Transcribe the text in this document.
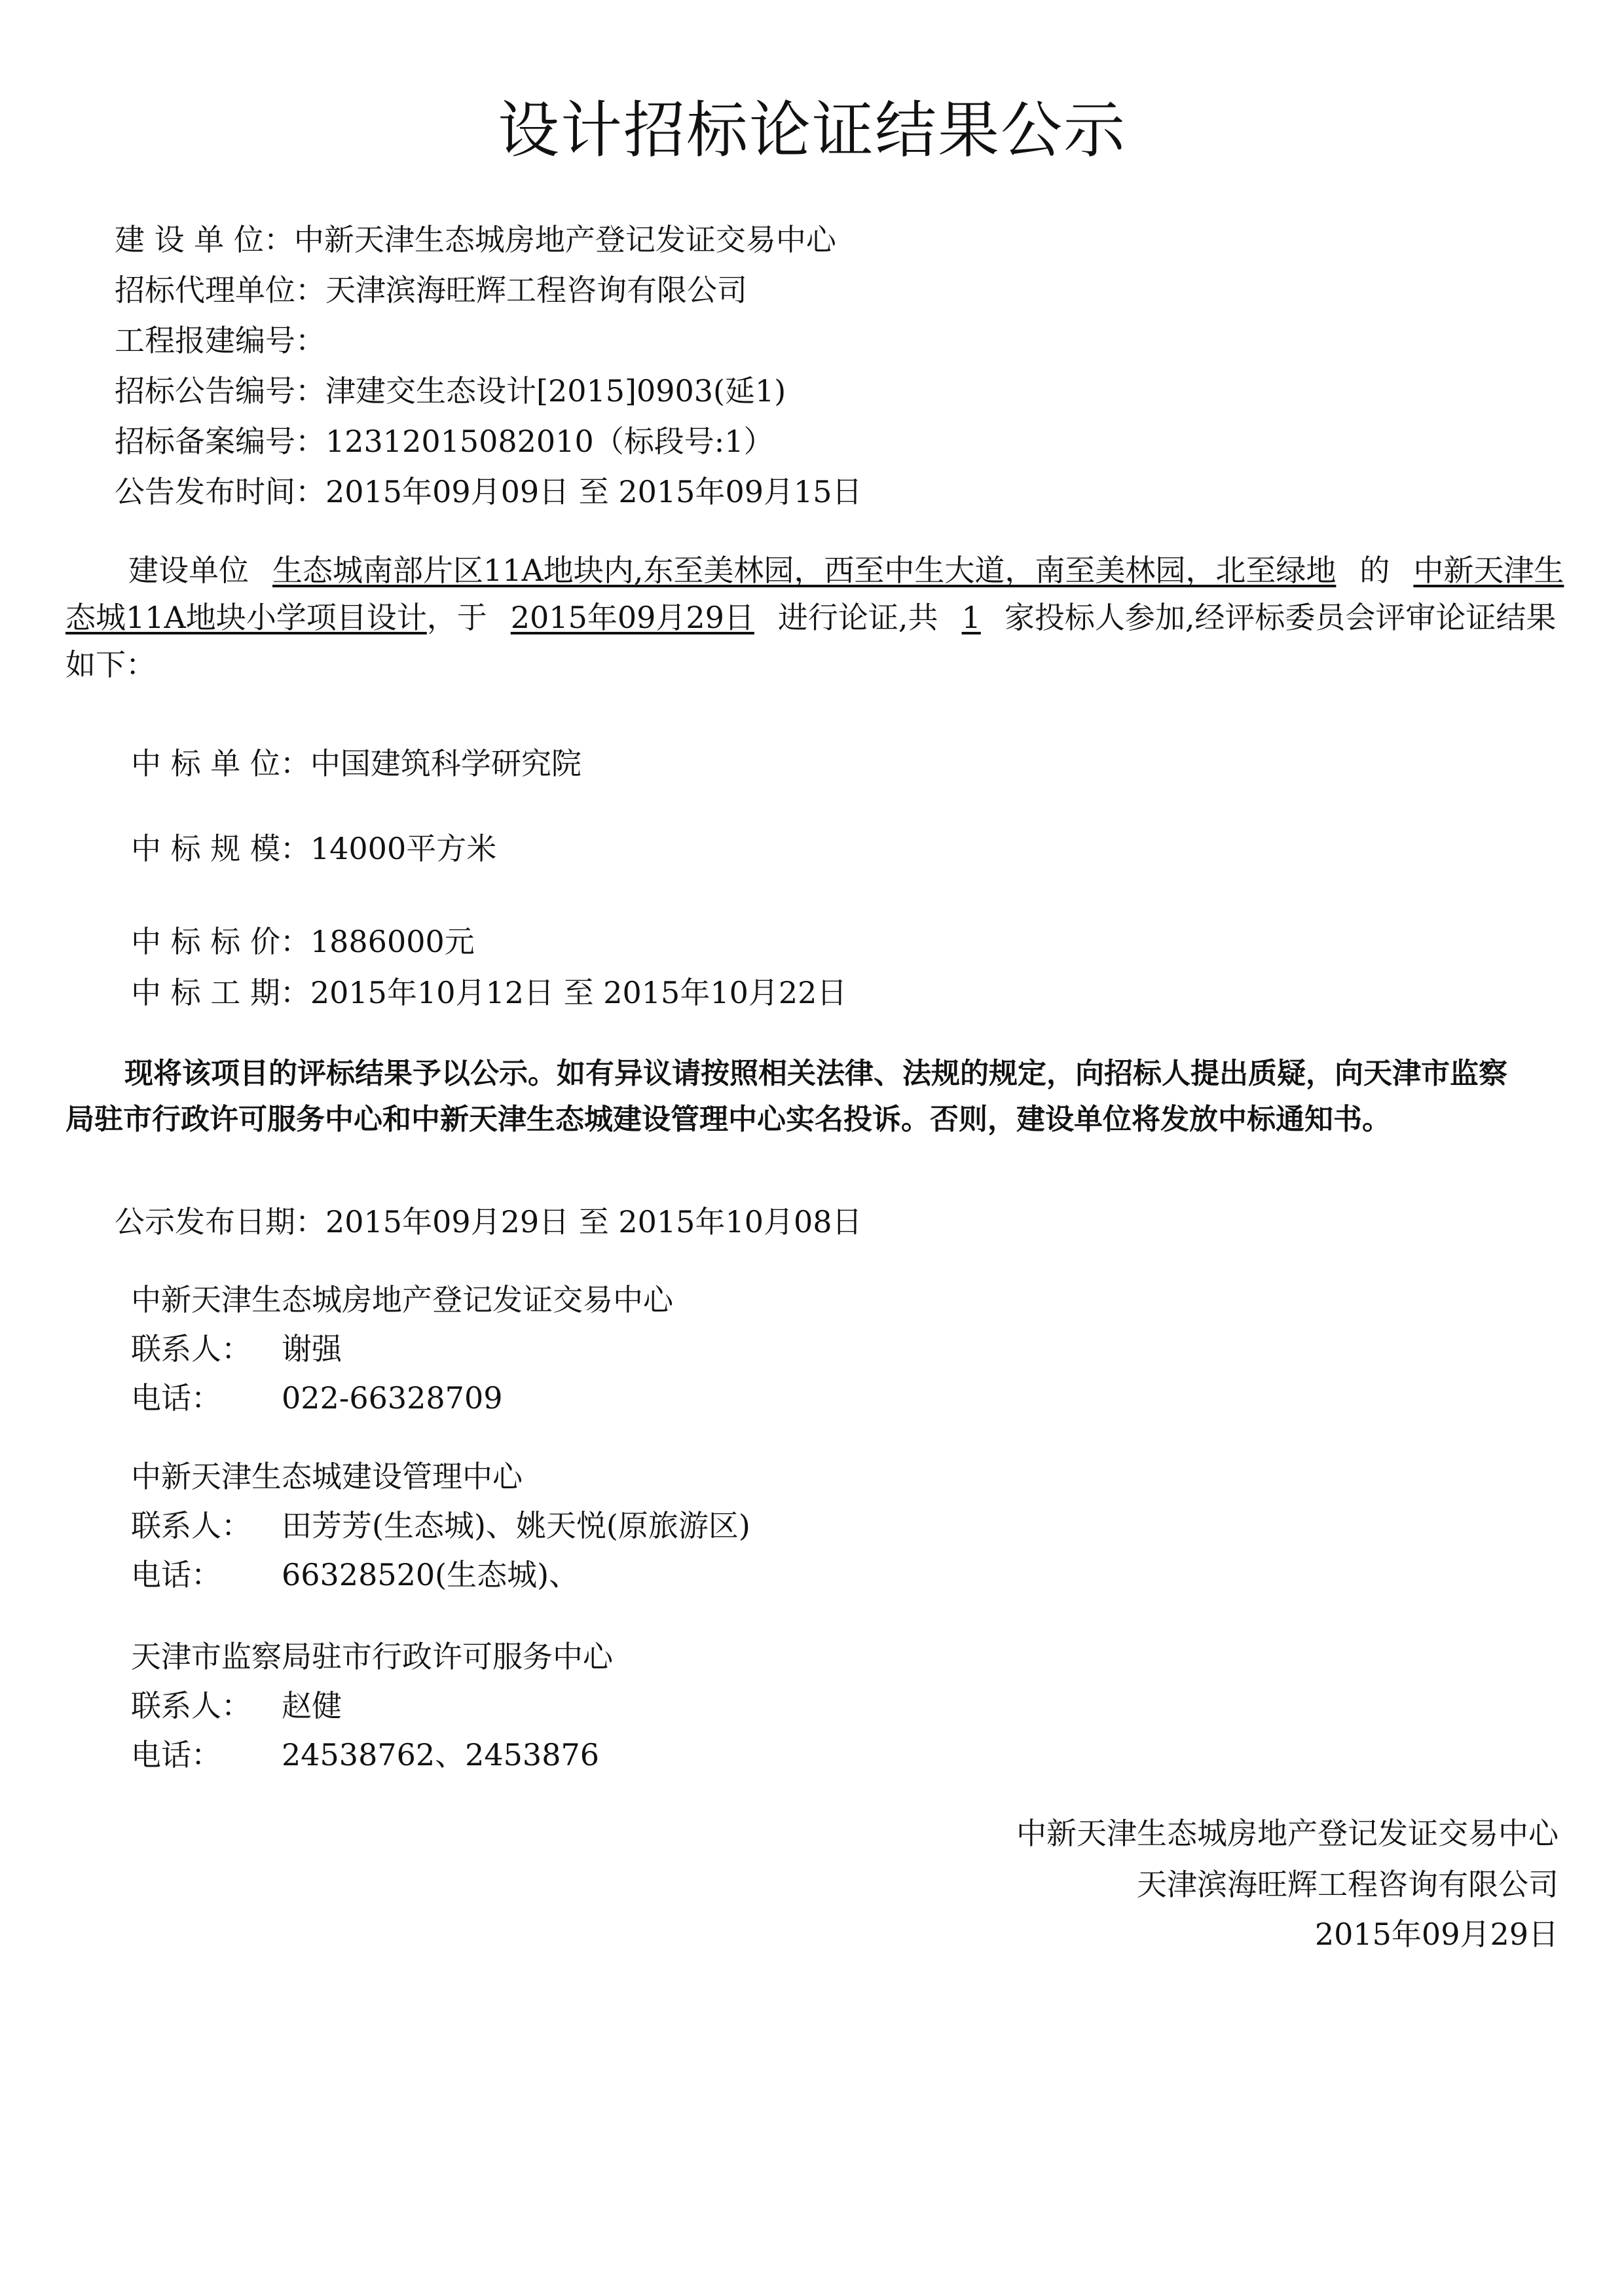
设计招标论证结果公示
建 设 单 位：中新天津生态城房地产登记发证交易中心
招标代理单位：天津滨海旺辉工程咨询有限公司
工程报建编号：
招标公告编号：津建交生态设计[2015]0903(延1)
招标备案编号：12312015082010（标段号:1）
公告发布时间：2015年09月09日 至 2015年09月15日
建设单位 生态城南部片区11A地块内,东至美林园，西至中生大道，南至美林园，北至绿地 的 中新天津生态城11A地块小学项目设计，于 2015年09月29日 进行论证,共 1 家投标人参加,经评标委员会评审论证结果如下：
中 标 单 位：中国建筑科学研究院
中 标 规 模：14000平方米
中 标 标 价：1886000元
中 标 工 期：2015年10月12日 至 2015年10月22日
现将该项目的评标结果予以公示。如有异议请按照相关法律、法规的规定，向招标人提出质疑，向天津市监察局驻市行政许可服务中心和中新天津生态城建设管理中心实名投诉。否则，建设单位将发放中标通知书。
公示发布日期：2015年09月29日 至 2015年10月08日
中新天津生态城房地产登记发证交易中心
联系人： 谢强
电话： 022-66328709
中新天津生态城建设管理中心
联系人： 田芳芳(生态城)、姚天悦(原旅游区)
电话： 66328520(生态城)、
天津市监察局驻市行政许可服务中心
联系人： 赵健
电话： 24538762、2453876
中新天津生态城房地产登记发证交易中心
天津滨海旺辉工程咨询有限公司
2015年09月29日
